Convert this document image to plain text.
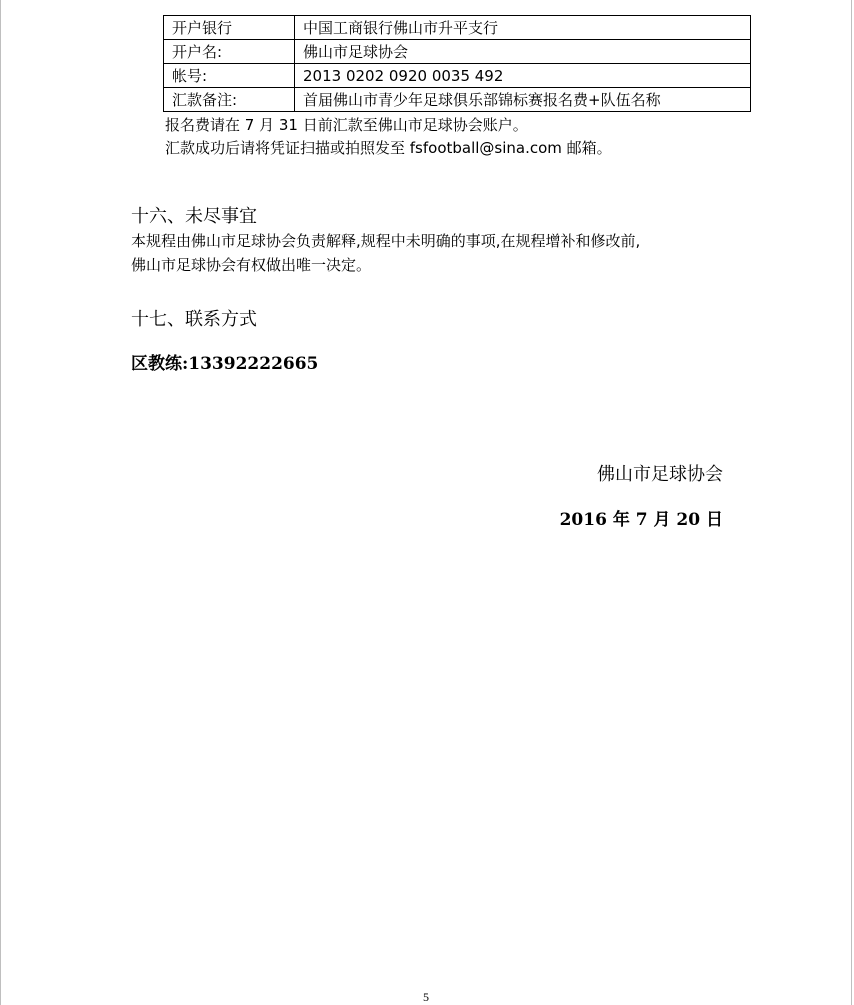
开户银行	中国工商银行佛山市升平支行
开户名:	佛山市足球协会
帐号:	2013 0202 0920 0035 492
汇款备注:	首届佛山市青少年足球俱乐部锦标赛报名费+队伍名称
报名费请在 7 月 31 日前汇款至佛山市足球协会账户。
汇款成功后请将凭证扫描或拍照发至 fsfootball@sina.com 邮箱。
十六、未尽事宜
本规程由佛山市足球协会负责解释,规程中未明确的事项,在规程增补和修改前,
佛山市足球协会有权做出唯一决定。
十七、联系方式
区教练:13392222665
佛山市足球协会
2016 年 7 月 20 日
5
